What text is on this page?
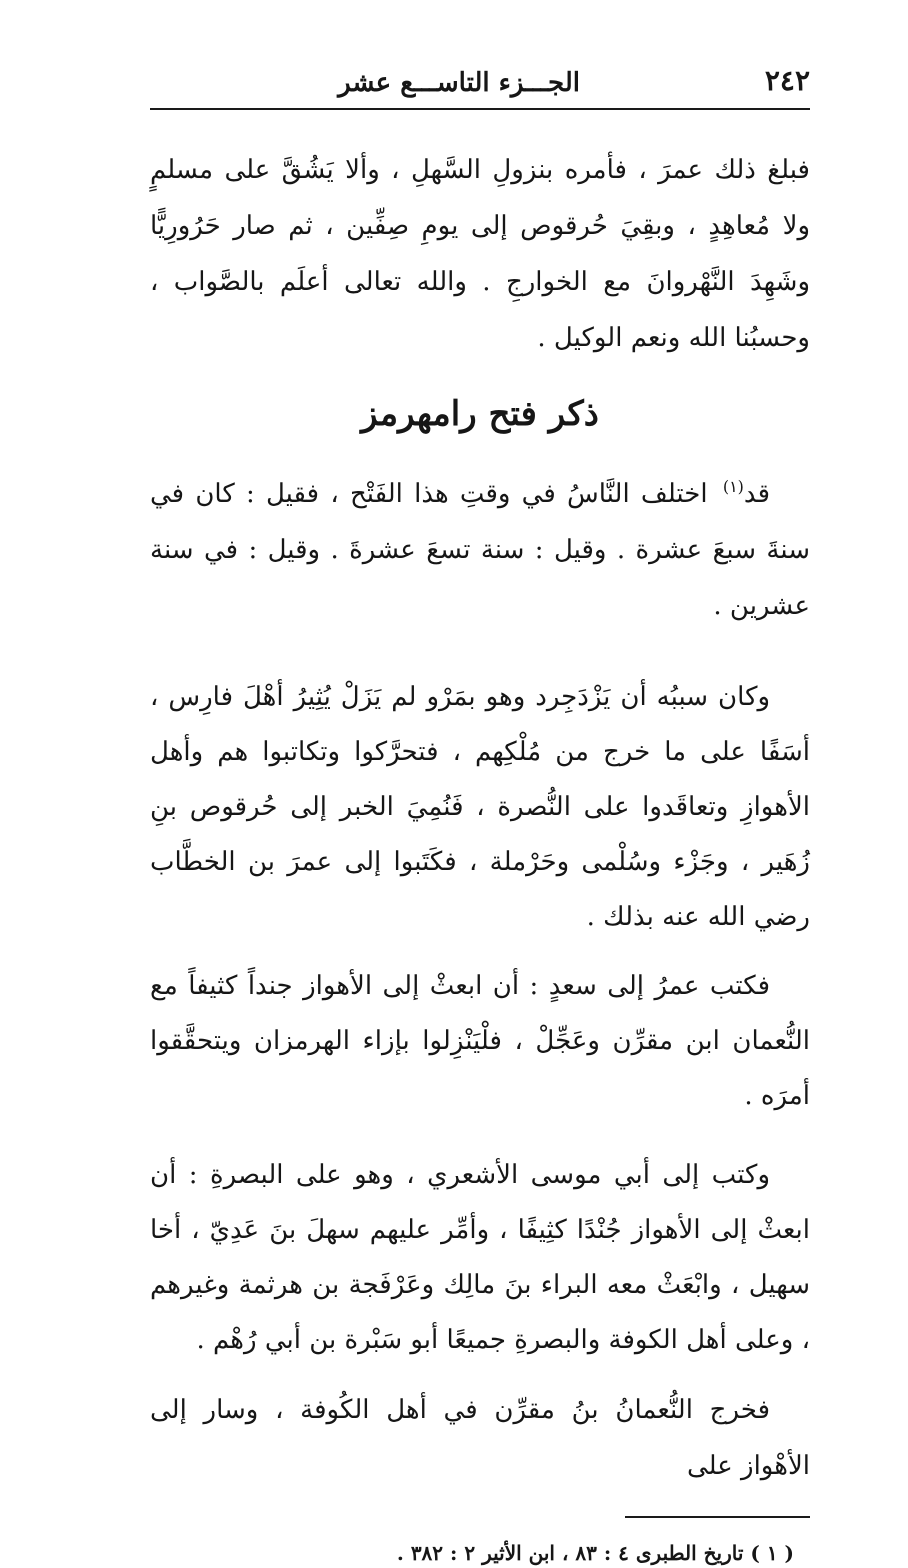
٢٤٢
الجـــزء التاســـع عشر

فبلغ ذلك عمرَ ، فأمره بنزولِ السَّهلِ ، وألا يَشُقَّ على مسلمٍ ولا مُعاهِدٍ ، وبقِيَ حُرقوص إلى يومِ صِفِّين ، ثم صار حَرُورِيًّا وشَهِدَ النَّهْروانَ مع الخوارجِ . والله تعالى أعلَم بالصَّواب ، وحسبُنا الله ونعم الوكيل .

ذكر فتح رامهرمز

قد$^{(١)}$ اختلف النَّاسُ في وقتِ هذا الفَتْح ، فقيل : كان في سنةَ سبعَ عشرة . وقيل : سنة تسعَ عشرةَ . وقيل : في سنة عشرين .

وكان سببُه أن يَزْدَجِرد وهو بمَرْو لم يَزَلْ يُثِيرُ أهْلَ فارِس ، أسَفًا على ما خرج من مُلْكِهم ، فتحرَّكوا وتكاتبوا هم وأهل الأهوازِ وتعاقَدوا على النُّصرة ، فَنُمِيَ الخبر إلى حُرقوص بنِ زُهَير ، وجَزْء وسُلْمى وحَرْملة ، فكَتَبوا إلى عمرَ بن الخطَّاب رضي الله عنه بذلك .

فكتب عمرُ إلى سعدٍ : أن ابعثْ إلى الأهواز جنداً كثيفاً مع النُّعمان ابن مقرِّن وعَجِّلْ ، فلْيَنْزِلوا بإزاء الهرمزان ويتحقَّقوا أمرَه .

وكتب إلى أبي موسى الأشعري ، وهو على البصرةِ : أن ابعثْ إلى الأهواز جُنْدًا كثِيفًا ، وأمِّر عليهم سهلَ بنَ عَدِيّ ، أخا سهيل ، وابْعَثْ معه البراء بنَ مالِك وعَرْفَجة بن هرثمة وغيرهم ، وعلى أهل الكوفة والبصرةِ جميعًا أبو سَبْرة بن أبي رُهْم .

فخرج النُّعمانُ بنُ مقرِّن في أهل الكُوفة ، وسار إلى الأهْواز على

( ١ ) تاريخ الطبرى ٤ : ٨٣ ، ابن الأثير ٢ : ٣٨٢ .
